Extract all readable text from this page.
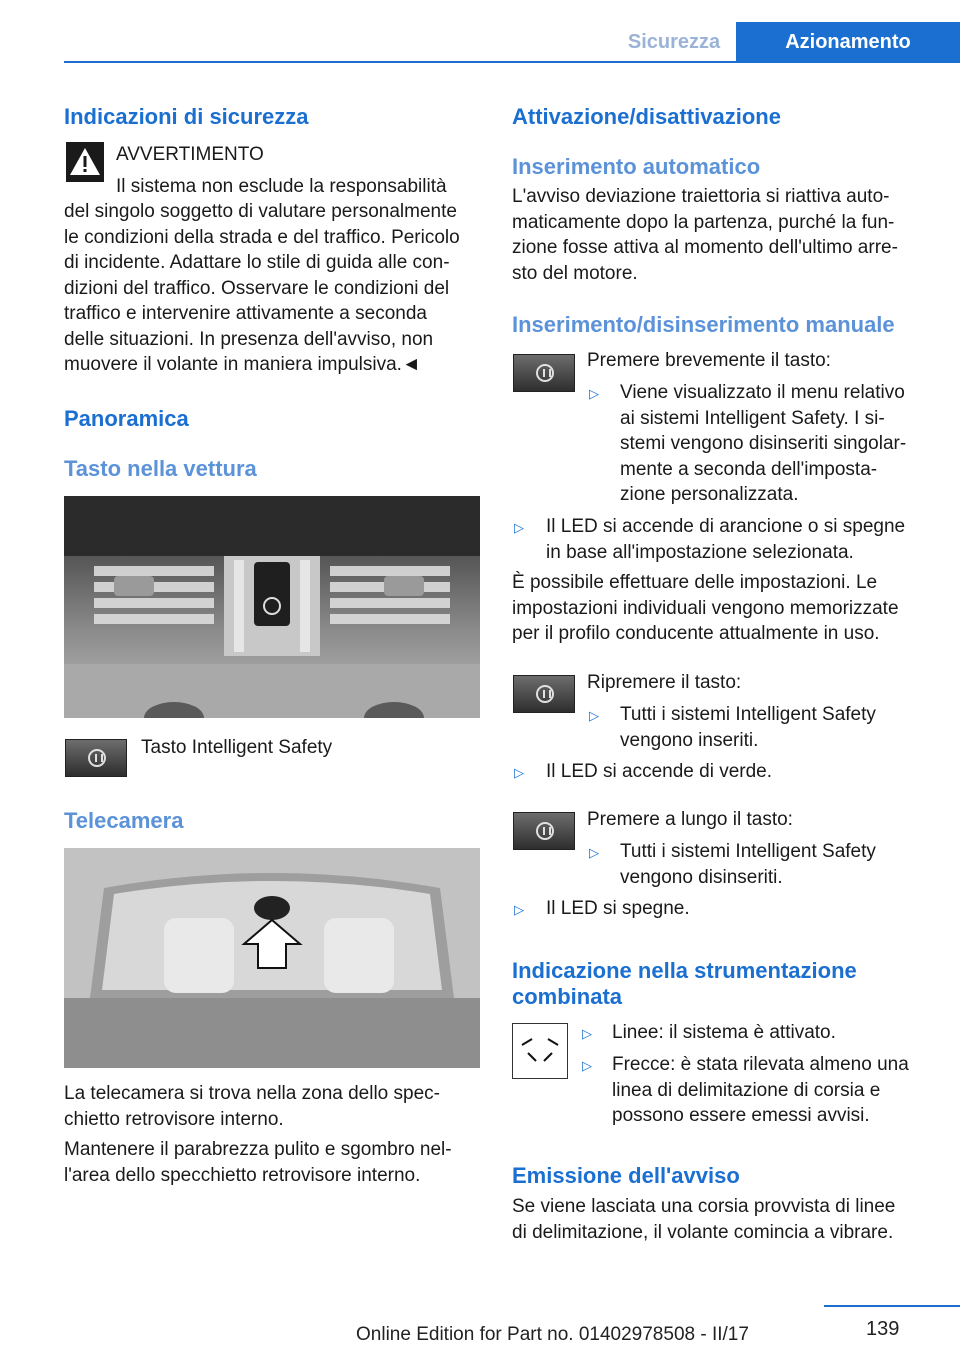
Sicurezza	Azionamento
Indicazioni di sicurezza
AVVERTIMENTO
Il sistema non esclude la responsabilità
del singolo soggetto di valutare personalmente
le condizioni della strada e del traffico. Pericolo
di incidente. Adattare lo stile di guida alle con‐
dizioni del traffico. Osservare le condizioni del
traffico e intervenire attivamente a seconda
delle situazioni. In presenza dell'avviso, non
muovere il volante in maniera impulsiva.◄
Panoramica
Tasto nella vettura
Tasto Intelligent Safety
Telecamera
La telecamera si trova nella zona dello spec‐
chietto retrovisore interno.
Mantenere il parabrezza pulito e sgombro nel‐
l'area dello specchietto retrovisore interno.
Attivazione/disattivazione
Inserimento automatico
L'avviso deviazione traiettoria si riattiva auto‐
maticamente dopo la partenza, purché la fun‐
zione fosse attiva al momento dell'ultimo arre‐
sto del motore.
Inserimento/disinserimento manuale
Premere brevemente il tasto:
▷ Viene visualizzato il menu relativo
ai sistemi Intelligent Safety. I si‐
stemi vengono disinseriti singolar‐
mente a seconda dell'imposta‐
zione personalizzata.
▷ Il LED si accende di arancione o si spegne
in base all'impostazione selezionata.
È possibile effettuare delle impostazioni. Le
impostazioni individuali vengono memorizzate
per il profilo conducente attualmente in uso.
Ripremere il tasto:
▷ Tutti i sistemi Intelligent Safety
vengono inseriti.
▷ Il LED si accende di verde.
Premere a lungo il tasto:
▷ Tutti i sistemi Intelligent Safety
vengono disinseriti.
▷ Il LED si spegne.
Indicazione nella strumentazione
combinata
▷ Linee: il sistema è attivato.
▷ Frecce: è stata rilevata almeno una
linea di delimitazione di corsia e
possono essere emessi avvisi.
Emissione dell'avviso
Se viene lasciata una corsia provvista di linee
di delimitazione, il volante comincia a vibrare.
139
Online Edition for Part no. 01402978508 - II/17
